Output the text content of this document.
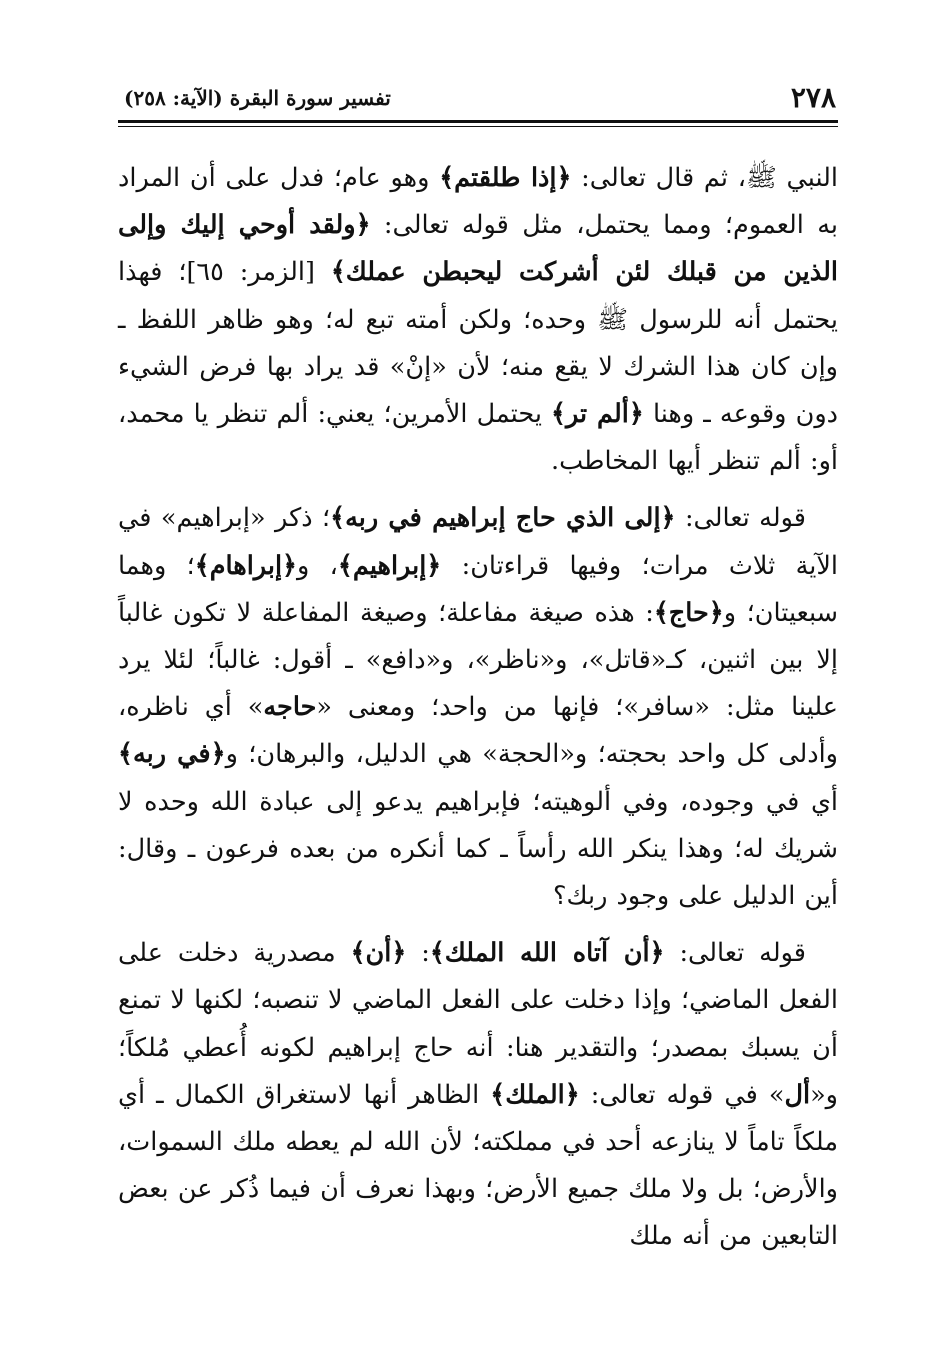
٢٧٨
تفسير سورة البقرة (الآية: ٢٥٨)

النبي ﷺ، ثم قال تعالى: ﴿إذا طلقتم﴾ وهو عام؛ فدل على أن المراد به العموم؛ ومما يحتمل، مثل قوله تعالى: ﴿ولقد أوحي إليك وإلى الذين من قبلك لئن أشركت ليحبطن عملك﴾ [الزمر: ٦٥]؛ فهذا يحتمل أنه للرسول ﷺ وحده؛ ولكن أمته تبع له؛ وهو ظاهر اللفظ ـ وإن كان هذا الشرك لا يقع منه؛ لأن «إنْ» قد يراد بها فرض الشيء دون وقوعه ـ وهنا ﴿ألم تر﴾ يحتمل الأمرين؛ يعني: ألم تنظر يا محمد، أو: ألم تنظر أيها المخاطب.

قوله تعالى: ﴿إلى الذي حاج إبراهيم في ربه﴾؛ ذكر «إبراهيم» في الآية ثلاث مرات؛ وفيها قراءتان: ﴿إبراهيم﴾، و﴿إبراهام﴾؛ وهما سبعيتان؛ و﴿حاج﴾: هذه صيغة مفاعلة؛ وصيغة المفاعلة لا تكون غالباً إلا بين اثنين، كـ«قاتل»، و«ناظر»، و«دافع» ـ أقول: غالباً؛ لئلا يرد علينا مثل: «سافر»؛ فإنها من واحد؛ ومعنى «حاجه» أي ناظره، وأدلى كل واحد بحجته؛ و«الحجة» هي الدليل، والبرهان؛ و﴿في ربه﴾ أي في وجوده، وفي ألوهيته؛ فإبراهيم يدعو إلى عبادة الله وحده لا شريك له؛ وهذا ينكر الله رأساً ـ كما أنكره من بعده فرعون ـ وقال: أين الدليل على وجود ربك؟

قوله تعالى: ﴿أن آتاه الله الملك﴾: ﴿أن﴾ مصدرية دخلت على الفعل الماضي؛ وإذا دخلت على الفعل الماضي لا تنصبه؛ لكنها لا تمنع أن يسبك بمصدر؛ والتقدير هنا: أنه حاج إبراهيم لكونه أُعطي مُلكاً؛ و«أل» في قوله تعالى: ﴿الملك﴾ الظاهر أنها لاستغراق الكمال ـ أي ملكاً تاماً لا ينازعه أحد في مملكته؛ لأن الله لم يعطه ملك السموات، والأرض؛ بل ولا ملك جميع الأرض؛ وبهذا نعرف أن فيما ذُكر عن بعض التابعين من أنه ملك
